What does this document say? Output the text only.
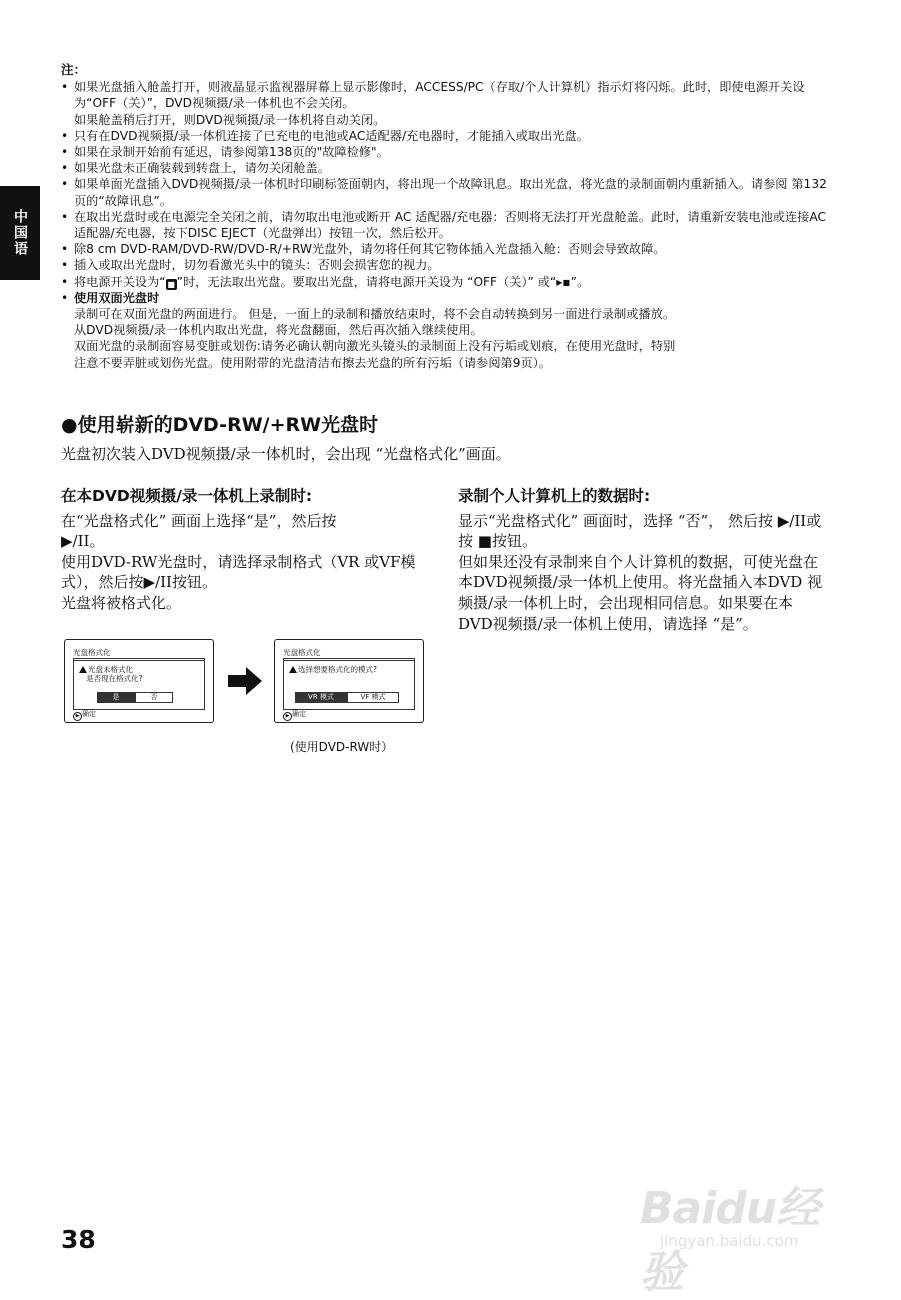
中国语
注：
• 如果光盘插入舱盖打开，则液晶显示监视器屏幕上显示影像时，ACCESS/PC（存取/个人计算机）指示灯将闪烁。此时，即使电源开关设为“OFF（关）”，DVD视频摄/录一体机也不会关闭。
如果舱盖稍后打开，则DVD视频摄/录一体机将自动关闭。
• 只有在DVD视频摄/录一体机连接了已充电的电池或AC适配器/充电器时，才能插入或取出光盘。
• 如果在录制开始前有延迟，请参阅第138页的"故障检修"。
• 如果光盘未正确装载到转盘上，请勿关闭舱盖。
• 如果单面光盘插入DVD视频摄/录一体机时印刷标签面朝内，将出现一个故障讯息。取出光盘，将光盘的录制面朝内重新插入。请参阅 第132页的“故障讯息”。
• 在取出光盘时或在电源完全关闭之前，请勿取出电池或断开 AC 适配器/充电器：否则将无法打开光盘舱盖。此时，请重新安装电池或连接AC适配器/充电器，按下DISC EJECT（光盘弹出）按钮一次，然后松开。
• 除8 cm DVD-RAM/DVD-RW/DVD-R/+RW光盘外，请勿将任何其它物体插入光盘插入舱：否则会导致故障。
• 插入或取出光盘时，切勿看激光头中的镜头：否则会损害您的视力。
• 将电源开关设为“ ■ ”时，无法取出光盘。要取出光盘，请将电源开关设为 “OFF（关）” 或“▸▪”。
• 使用双面光盘时
录制可在双面光盘的两面进行。 但是，一面上的录制和播放结束时，将不会自动转换到另一面进行录制或播放。
从DVD视频摄/录一体机内取出光盘，将光盘翻面，然后再次插入继续使用。
双面光盘的录制面容易变脏或划伤:请务必确认朝向激光头镜头的录制面上没有污垢或划痕，在使用光盘时，特别
注意不要弄脏或划伤光盘。使用附带的光盘清洁布擦去光盘的所有污垢（请参阅第9页）。
●使用崭新的DVD-RW/+RW光盘时
光盘初次装入DVD视频摄/录一体机时，会出现 “光盘格式化”画面。
在本DVD视频摄/录一体机上录制时:

在“光盘格式化” 画面上选择“是”，然后按

▶/II。

使用DVD-RW光盘时，请选择录制格式（VR 或VF模式），然后按▶/II按钮。

光盘将被格式化。

录制个人计算机上的数据时:

显示“光盘格式化” 画面时，选择 “否”， 然后按 ▶/II或按 ■按钮。

但如果还没有录制来自个人计算机的数据，可使光盘在本DVD视频摄/录一体机上使用。将光盘插入本DVD 视频摄/录一体机上时，会出现相同信息。如果要在本DVD视频摄/录一体机上使用，请选择 “是”。

光盘格式化
光盘未格式化
是否现在格式化?
是	否
▶ 确定
光盘格式化
选择想要格式化的模式?
VR 模式	VF 模式
▶ 确定
(使用DVD-RW时）
38
Baidu经验
jingyan.baidu.com
